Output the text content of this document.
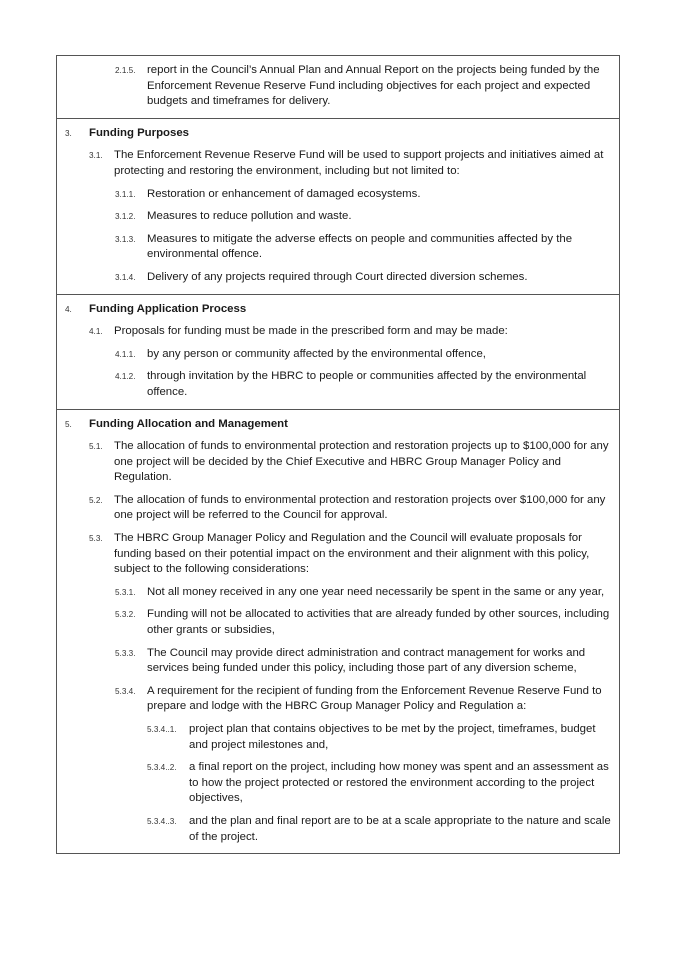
2.1.5.	report in the Council’s Annual Plan and Annual Report on the projects being funded by the Enforcement Revenue Reserve Fund including objectives for each project and expected budgets and timeframes for delivery.
3.	Funding Purposes
3.1. The Enforcement Revenue Reserve Fund will be used to support projects and initiatives aimed at protecting and restoring the environment, including but not limited to:
3.1.1.	Restoration or enhancement of damaged ecosystems.
3.1.2.	Measures to reduce pollution and waste.
3.1.3.	Measures to mitigate the adverse effects on people and communities affected by the environmental offence.
3.1.4.	Delivery of any projects required through Court directed diversion schemes.
4.	Funding Application Process
4.1. Proposals for funding must be made in the prescribed form and may be made:
4.1.1.	by any person or community affected by the environmental offence,
4.1.2.	through invitation by the HBRC to people or communities affected by the environmental offence.
5.	Funding Allocation and Management
5.1. The allocation of funds to environmental protection and restoration projects up to $100,000 for any one project will be decided by the Chief Executive and HBRC Group Manager Policy and Regulation.
5.2. The allocation of funds to environmental protection and restoration projects over $100,000 for any one project will be referred to the Council for approval.
5.3. The HBRC Group Manager Policy and Regulation and the Council will evaluate proposals for funding based on their potential impact on the environment and their alignment with this policy, subject to the following considerations:
5.3.1.	Not all money received in any one year need necessarily be spent in the same or any year,
5.3.2.	Funding will not be allocated to activities that are already funded by other sources, including other grants or subsidies,
5.3.3.	The Council may provide direct administration and contract management for works and services being funded under this policy, including those part of any diversion scheme,
5.3.4.	A requirement for the recipient of funding from the Enforcement Revenue Reserve Fund to prepare and lodge with the HBRC Group Manager Policy and Regulation a:
5.3.4..1.	project plan that contains objectives to be met by the project, timeframes, budget and project milestones and,
5.3.4..2.	a final report on the project, including how money was spent and an assessment as to how the project protected or restored the environment according to the project objectives,
5.3.4..3.	and the plan and final report are to be at a scale appropriate to the nature and scale of the project.
